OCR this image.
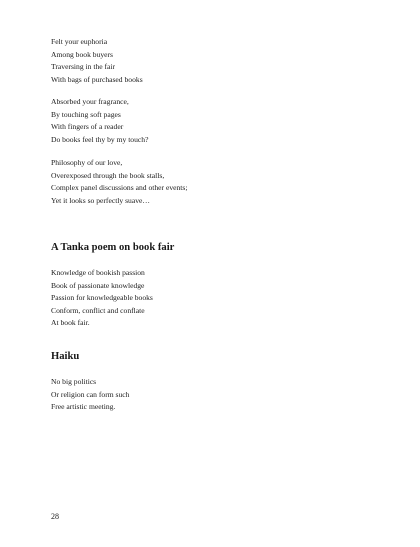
Felt your euphoria
Among book buyers
Traversing in the fair
With bags of purchased books
Absorbed your fragrance,
By touching soft pages
With fingers of a reader
Do books feel thy by my touch?
Philosophy of our love,
Overexposed through the book stalls,
Complex panel discussions and other events;
Yet it looks so perfectly suave…
A Tanka poem on book fair
Knowledge of bookish passion
Book of passionate knowledge
Passion for knowledgeable books
Conform, conflict and conflate
At book fair.
Haiku
No big politics
Or religion can form such
Free artistic meeting.
28
